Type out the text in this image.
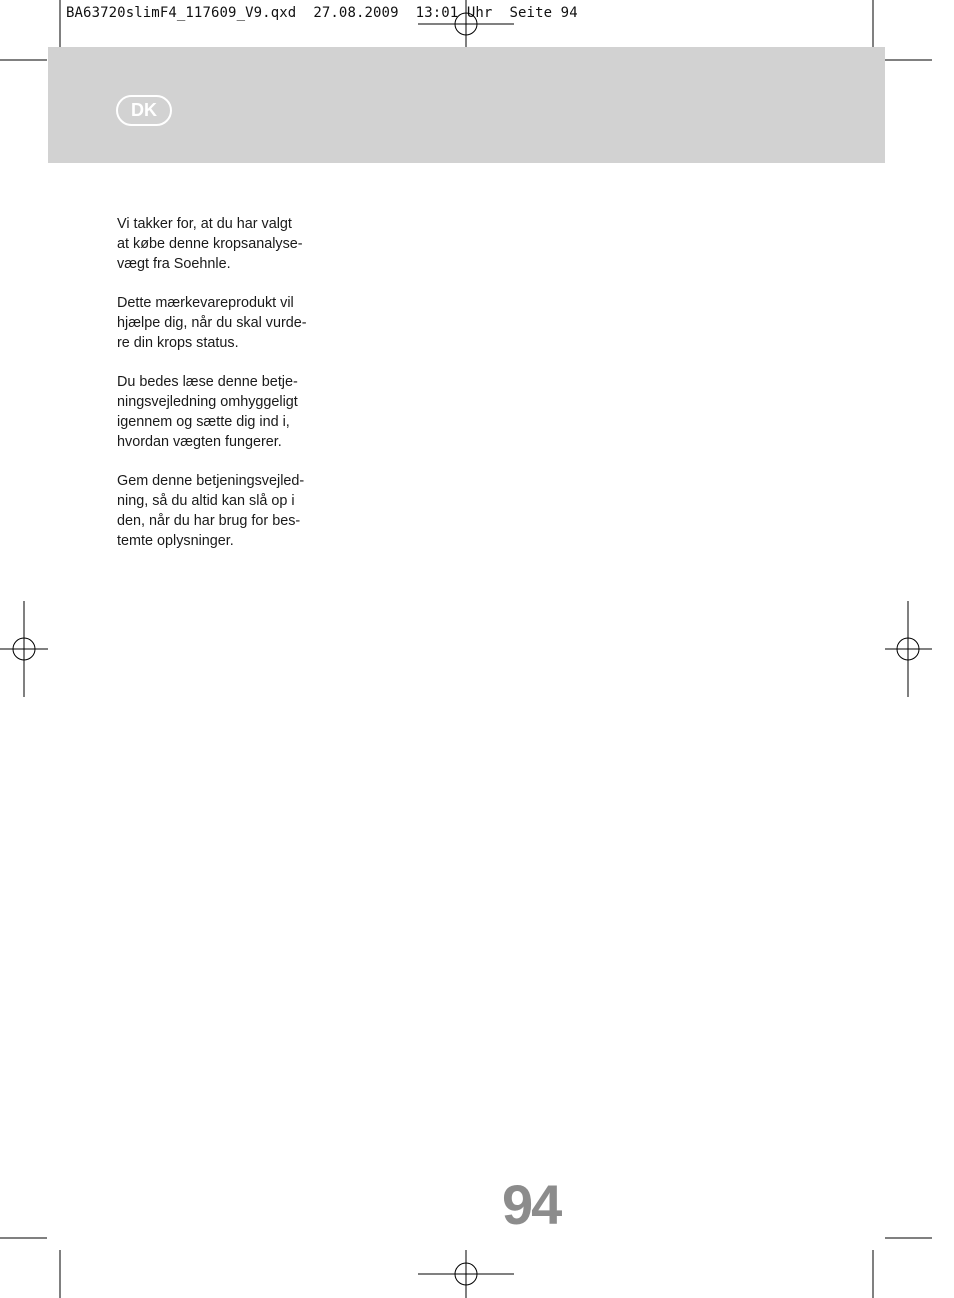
BA63720slimF4_117609_V9.qxd  27.08.2009  13:01 Uhr  Seite 94
DK

Vi takker for, at du har valgt
at købe denne kropsanalyse-
vægt fra Soehnle.

Dette mærkevareprodukt vil
hjælpe dig, når du skal vurde-
re din krops status.

Du bedes læse denne betje-
ningsvejledning omhyggeligt
igennem og sætte dig ind i,
hvordan vægten fungerer.

Gem denne betjeningsvejled-
ning, så du altid kan slå op i
den, når du har brug for bes-
temte oplysninger.

94
